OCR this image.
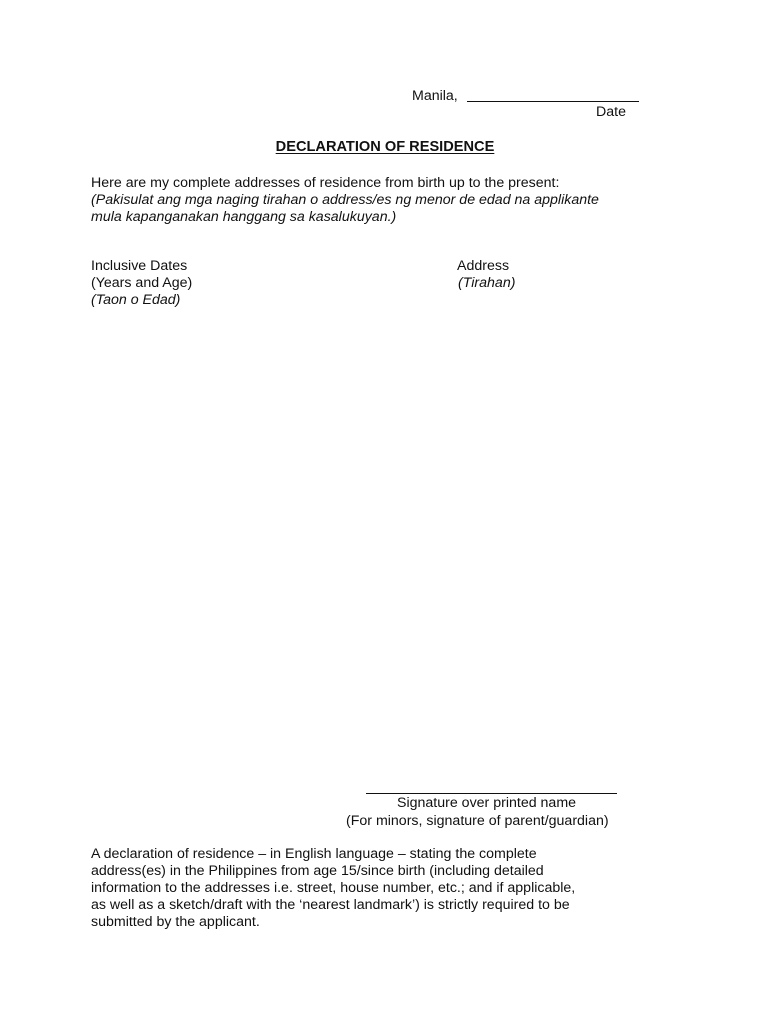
Manila,
Date
DECLARATION OF RESIDENCE
Here are my complete addresses of residence from birth up to the present:
(Pakisulat ang mga naging tirahan o address/es ng menor de edad na applikante
mula kapanganakan hanggang sa kasalukuyan.)
Inclusive Dates
(Years and Age)
(Taon o Edad)
Address
(Tirahan)
Signature over printed name
(For minors, signature of parent/guardian)
A declaration of residence – in English language – stating the complete
address(es) in the Philippines from age 15/since birth (including detailed
information to the addresses i.e. street, house number, etc.; and if applicable,
as well as a sketch/draft with the ‘nearest landmark’) is strictly required to be
submitted by the applicant.
